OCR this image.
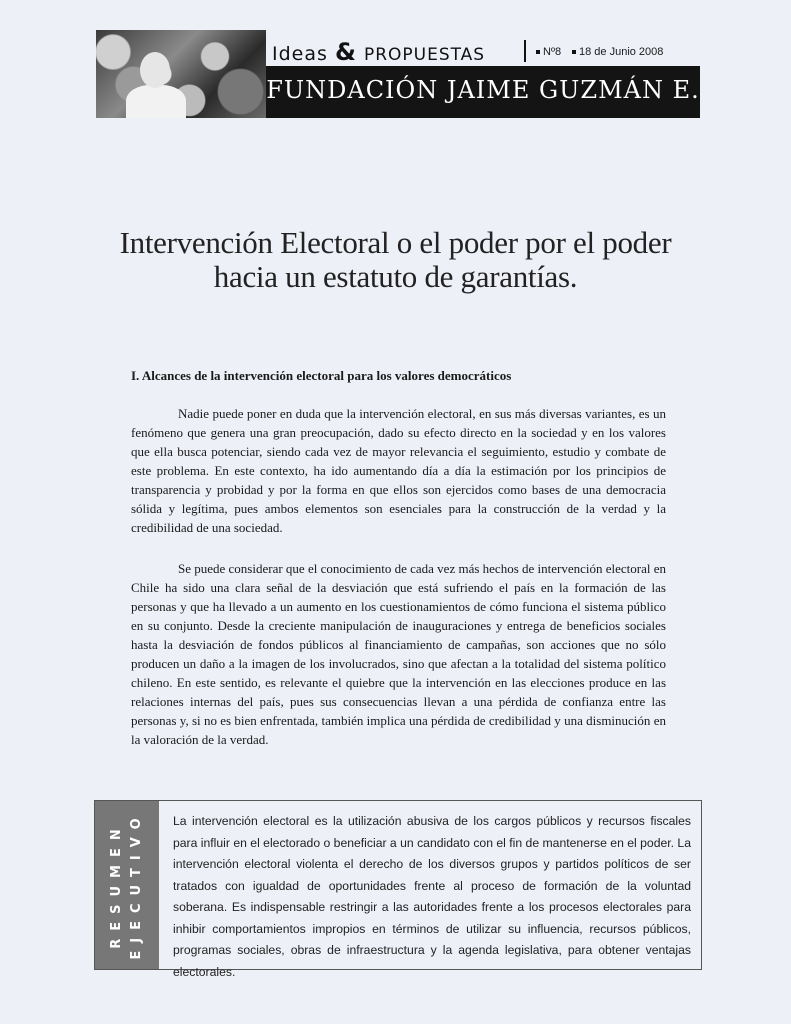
Ideas & PROPUESTAS	Nº8	18 de Junio 2008
FUNDACIÓN JAIME GUZMÁN E.
Intervención Electoral o el poder por el poder
hacia un estatuto de garantías.
I. Alcances de la intervención electoral para los valores democráticos
Nadie puede poner en duda que la intervención electoral, en sus más diversas variantes, es un fenómeno que genera una gran preocupación, dado su efecto directo en la sociedad y en los valores que ella busca potenciar, siendo cada vez de mayor relevancia el seguimiento, estudio y combate de este problema. En este contexto, ha ido aumentando día a día la estimación por los principios de transparencia y probidad y por la forma en que ellos son ejercidos como bases de una democracia sólida y legítima, pues ambos elementos son esenciales para la construcción de la verdad y la credibilidad de una sociedad.
Se puede considerar que el conocimiento de cada vez más hechos de intervención electoral en Chile ha sido una clara señal de la desviación que está sufriendo el país en la formación de las personas y que ha llevado a un aumento en los cuestionamientos de cómo funciona el sistema público en su conjunto. Desde la creciente manipulación de inauguraciones y entrega de beneficios sociales hasta la desviación de fondos públicos al financiamiento de campañas, son acciones que no sólo producen un daño a la imagen de los involucrados, sino que afectan a la totalidad del sistema político chileno. En este sentido, es relevante el quiebre que la intervención en las elecciones produce en las relaciones internas del país, pues sus consecuencias llevan a una pérdida de confianza entre las personas y, si no es bien enfrentada, también implica una pérdida de credibilidad y una disminución en la valoración de la verdad.
RESUMEN EJECUTIVO La intervención electoral es la utilización abusiva de los cargos públicos y recursos fiscales para influir en el electorado o beneficiar a un candidato con el fin de mantenerse en el poder. La intervención electoral violenta el derecho de los diversos grupos y partidos políticos de ser tratados con igualdad de oportunidades frente al proceso de formación de la voluntad soberana. Es indispensable restringir a las autoridades frente a los procesos electorales para inhibir comportamientos impropios en términos de utilizar su influencia, recursos públicos, programas sociales, obras de infraestructura y la agenda legislativa, para obtener ventajas electorales.
